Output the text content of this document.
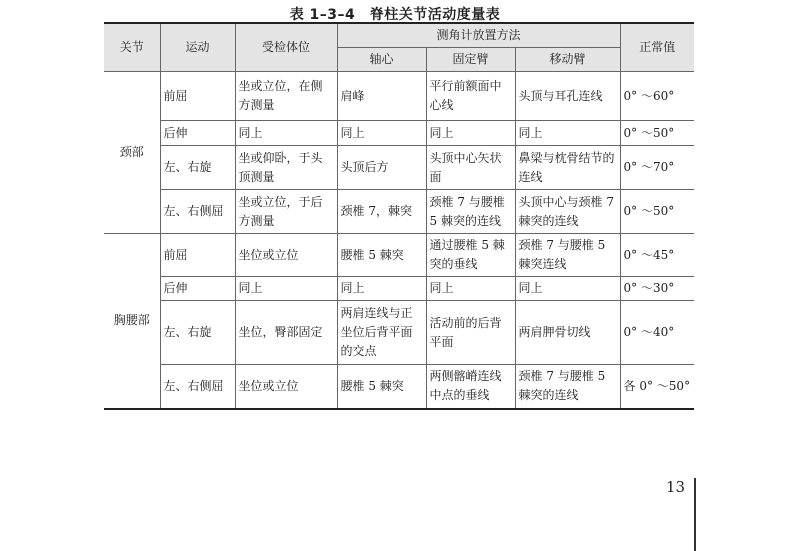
表 1–3–4　脊柱关节活动度量表
关节	运动	受检体位	测角计放置方法			正常值
			轴心	固定臂	移动臂	
颈部	前屈	坐或立位，在侧方测量	肩峰	平行前额面中心线	头顶与耳孔连线	0° ～60°
	后伸	同上	同上	同上	同上	0° ～50°
	左、右旋	坐或仰卧，于头顶测量	头顶后方	头顶中心矢状面	鼻梁与枕骨结节的连线	0° ～70°
	左、右侧屈	坐或立位，于后方测量	颈椎 7，棘突	颈椎 7 与腰椎 5 棘突的连线	头顶中心与颈椎 7 棘突的连线	0° ～50°
胸腰部	前屈	坐位或立位	腰椎 5 棘突	通过腰椎 5 棘突的垂线	颈椎 7 与腰椎 5 棘突连线	0° ～45°
	后伸	同上	同上	同上	同上	0° ～30°
	左、右旋	坐位，臀部固定	两肩连线与正坐位后背平面的交点	活动前的后背平面	两肩胛骨切线	0° ～40°
	左、右侧屈	坐位或立位	腰椎 5 棘突	两侧髂嵴连线中点的垂线	颈椎 7 与腰椎 5 棘突的连线	各 0° ～50°
13
